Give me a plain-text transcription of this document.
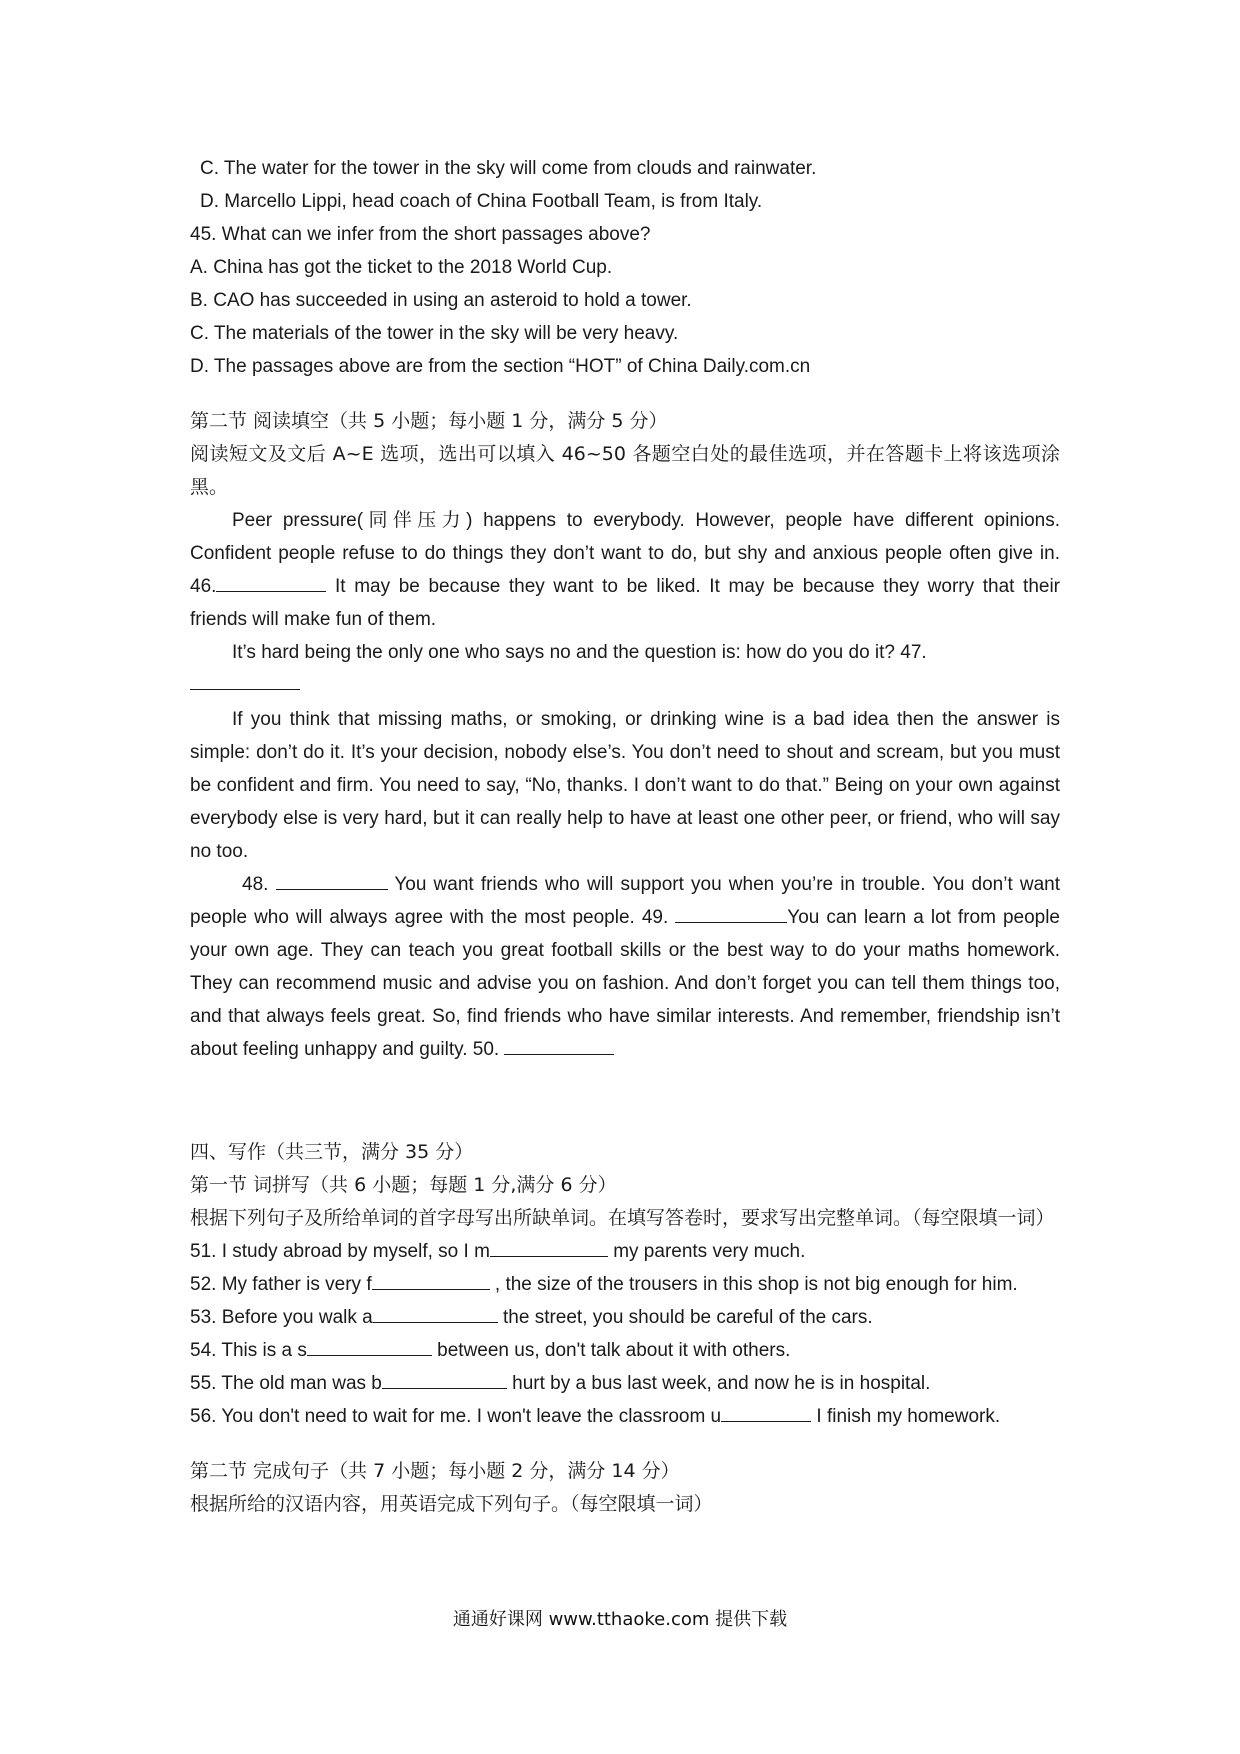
C. The water for the tower in the sky will come from clouds and rainwater.
D. Marcello Lippi, head coach of China Football Team, is from Italy.
45. What can we infer from the short passages above?
A. China has got the ticket to the 2018 World Cup.
B. CAO has succeeded in using an asteroid to hold a tower.
C. The materials of the tower in the sky will be very heavy.
D. The passages above are from the section “HOT” of China Daily.com.cn
第二节 阅读填空（共 5 小题；每小题 1 分，满分 5 分）
阅读短文及文后 A~E 选项，选出可以填入 46~50 各题空白处的最佳选项，并在答题卡上将该选项涂黑。

Peer pressure(同伴压力) happens to everybody. However, people have different opinions. Confident people refuse to do things they don’t want to do, but shy and anxious people often give in. 46.	It may be because they want to be liked. It may be because they worry that their friends will make fun of them.

It’s hard being the only one who says no and the question is: how do you do it? 47.

If you think that missing maths, or smoking, or drinking wine is a bad idea then the answer is simple: don’t do it. It’s your decision, nobody else’s. You don’t need to shout and scream, but you must be confident and firm. You need to say, “No, thanks. I don’t want to do that.” Being on your own against everybody else is very hard, but it can really help to have at least one other peer, or friend, who will say no too.

48.	You want friends who will support you when you’re in trouble. You don’t want people who will always agree with the most people. 49.	You can learn a lot from people your own age. They can teach you great football skills or the best way to do your maths homework. They can recommend music and advise you on fashion. And don’t forget you can tell them things too, and that always feels great. So, find friends who have similar interests. And remember, friendship isn’t about feeling unhappy and guilty. 50.

四、写作（共三节，满分 35 分）
第一节 词拼写（共 6 小题；每题 1 分,满分 6 分）
根据下列句子及所给单词的首字母写出所缺单词。在填写答卷时，要求写出完整单词。（每空限填一词）
51. I study abroad by myself, so I m	my parents very much.
52. My father is very f	, the size of the trousers in this shop is not big enough for him.
53. Before you walk a	the street, you should be careful of the cars.
54. This is a s	between us, don't talk about it with others.
55. The old man was b	hurt by a bus last week, and now he is in hospital.
56. You don't need to wait for me. I won't leave the classroom u	I finish my homework.
第二节 完成句子（共 7 小题；每小题 2 分，满分 14 分）
根据所给的汉语内容，用英语完成下列句子。（每空限填一词）
通通好课网 www.tthaoke.com 提供下载
